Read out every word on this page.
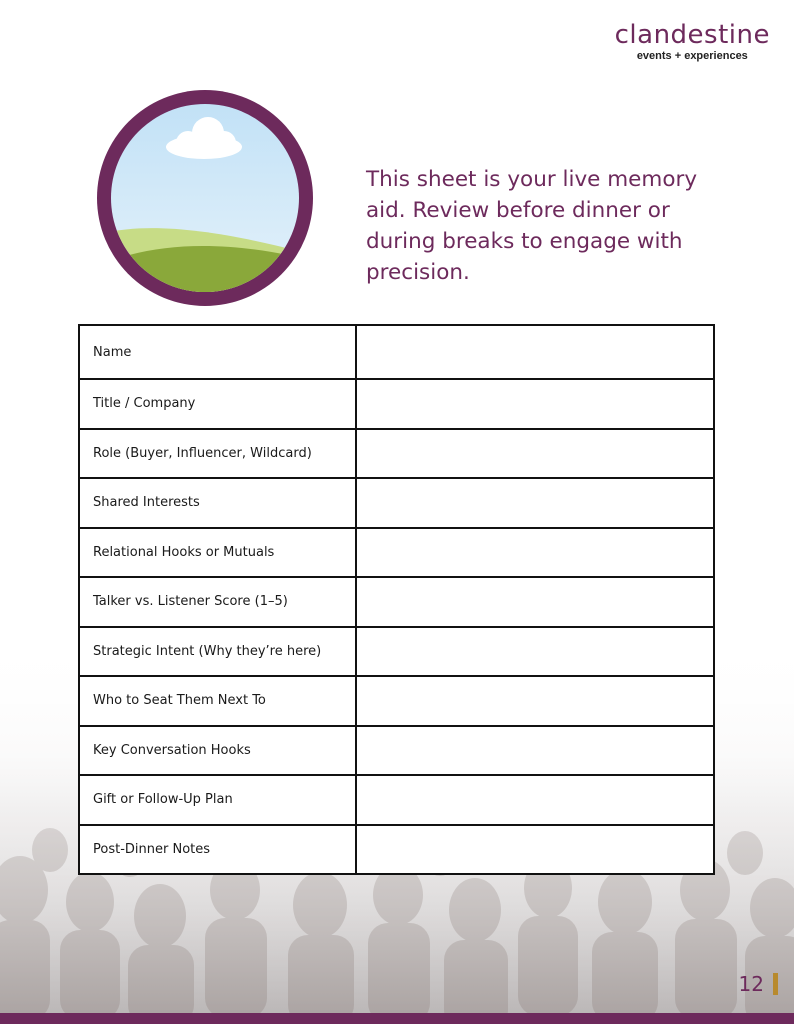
clandestine
events + experiences
This sheet is your live memory aid. Review before dinner or during breaks to engage with precision.
Name	
Title / Company	
Role (Buyer, Influencer, Wildcard)	
Shared Interests	
Relational Hooks or Mutuals	
Talker vs. Listener Score (1–5)	
Strategic Intent (Why they’re here)	
Who to Seat Them Next To	
Key Conversation Hooks	
Gift or Follow-Up Plan	
Post-Dinner Notes	
12
